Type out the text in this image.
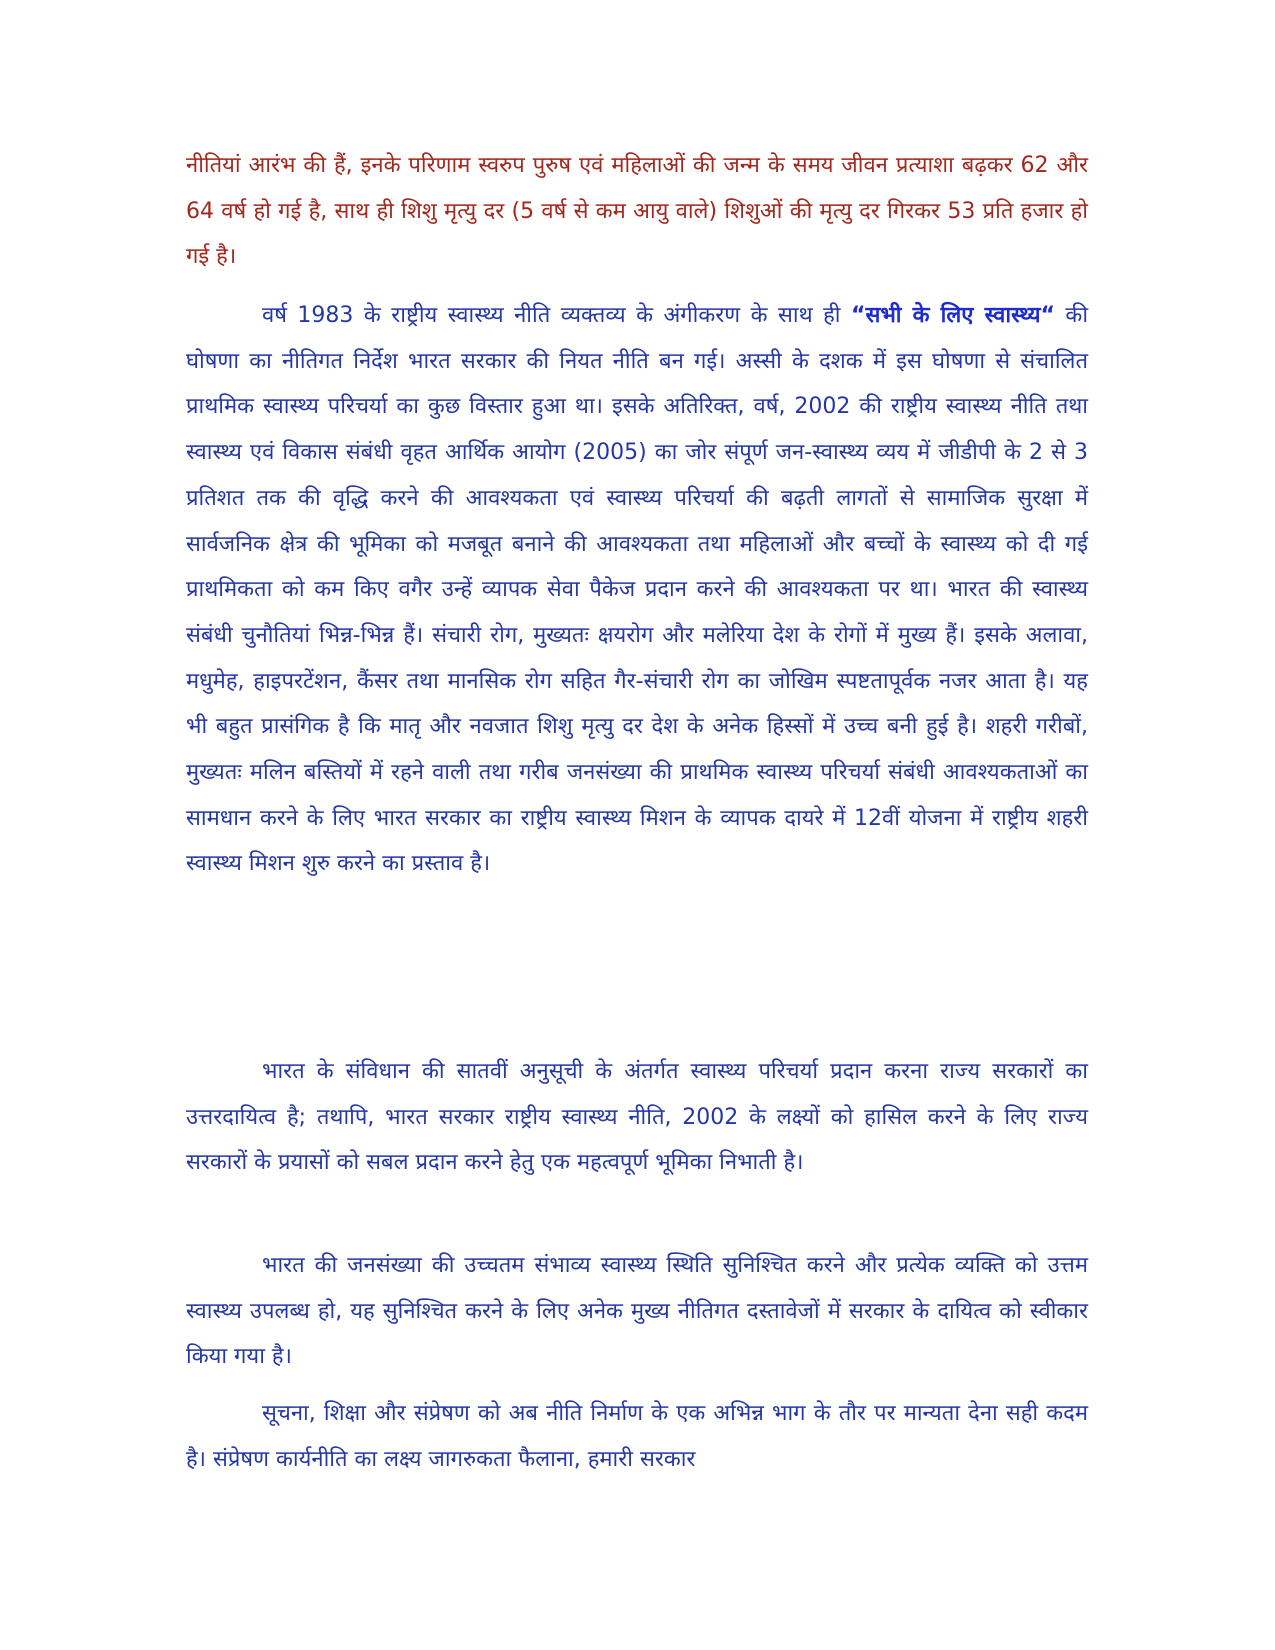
नीतियां आरंभ की हैं, इनके परिणाम स्वरुप पुरुष एवं महिलाओं की जन्म के समय जीवन प्रत्याशा बढ़कर 62 और 64 वर्ष हो गई है, साथ ही शिशु मृत्यु दर (5 वर्ष से कम आयु वाले) शिशुओं की मृत्यु दर गिरकर 53 प्रति हजार हो गई है।

वर्ष 1983 के राष्ट्रीय स्वास्थ्य नीति व्यक्तव्य के अंगीकरण के साथ ही “सभी के लिए स्वास्थ्य“ की घोषणा का नीतिगत निर्देश भारत सरकार की नियत नीति बन गई। अस्सी के दशक में इस घोषणा से संचालित प्राथमिक स्वास्थ्य परिचर्या का कुछ विस्तार हुआ था। इसके अतिरिक्त, वर्ष, 2002 की राष्ट्रीय स्वास्थ्य नीति तथा स्वास्थ्य एवं विकास संबंधी वृहत आर्थिक आयोग (2005) का जोर संपूर्ण जन-स्वास्थ्य व्यय में जीडीपी के 2 से 3 प्रतिशत तक की वृद्धि करने की आवश्यकता एवं स्वास्थ्य परिचर्या की बढ़ती लागतों से सामाजिक सुरक्षा में सार्वजनिक क्षेत्र की भूमिका को मजबूत बनाने की आवश्यकता तथा महिलाओं और बच्चों के स्वास्थ्य को दी गई प्राथमिकता को कम किए वगैर उन्हें व्यापक सेवा पैकेज प्रदान करने की आवश्यकता पर था। भारत की स्वास्थ्य संबंधी चुनौतियां भिन्न-भिन्न हैं। संचारी रोग, मुख्यतः क्षयरोग और मलेरिया देश के रोगों में मुख्य हैं। इसके अलावा, मधुमेह, हाइपरटेंशन, कैंसर तथा मानसिक रोग सहित गैर-संचारी रोग का जोखिम स्पष्टतापूर्वक नजर आता है। यह भी बहुत प्रासंगिक है कि मातृ और नवजात शिशु मृत्यु दर देश के अनेक हिस्सों में उच्च बनी हुई है। शहरी गरीबों, मुख्यतः मलिन बस्तियों में रहने वाली तथा गरीब जनसंख्या की प्राथमिक स्वास्थ्य परिचर्या संबंधी आवश्यकताओं का सामधान करने के लिए भारत सरकार का राष्ट्रीय स्वास्थ्य मिशन के व्यापक दायरे में 12वीं योजना में राष्ट्रीय शहरी स्वास्थ्य मिशन शुरु करने का प्रस्ताव है।

भारत के संविधान की सातवीं अनुसूची के अंतर्गत स्वास्थ्य परिचर्या प्रदान करना राज्य सरकारों का उत्तरदायित्व है; तथापि, भारत सरकार राष्ट्रीय स्वास्थ्य नीति, 2002 के लक्ष्यों को हासिल करने के लिए राज्य सरकारों के प्रयासों को सबल प्रदान करने हेतु एक महत्वपूर्ण भूमिका निभाती है।

भारत की जनसंख्या की उच्चतम संभाव्य स्वास्थ्य स्थिति सुनिश्चित करने और प्रत्येक व्यक्ति को उत्तम स्वास्थ्य उपलब्ध हो, यह सुनिश्चित करने के लिए अनेक मुख्य नीतिगत दस्तावेजों में सरकार के दायित्व को स्वीकार किया गया है।

सूचना, शिक्षा और संप्रेषण को अब नीति निर्माण के एक अभिन्न भाग के तौर पर मान्यता देना सही कदम है। संप्रेषण कार्यनीति का लक्ष्य जागरुकता फैलाना, हमारी सरकार
